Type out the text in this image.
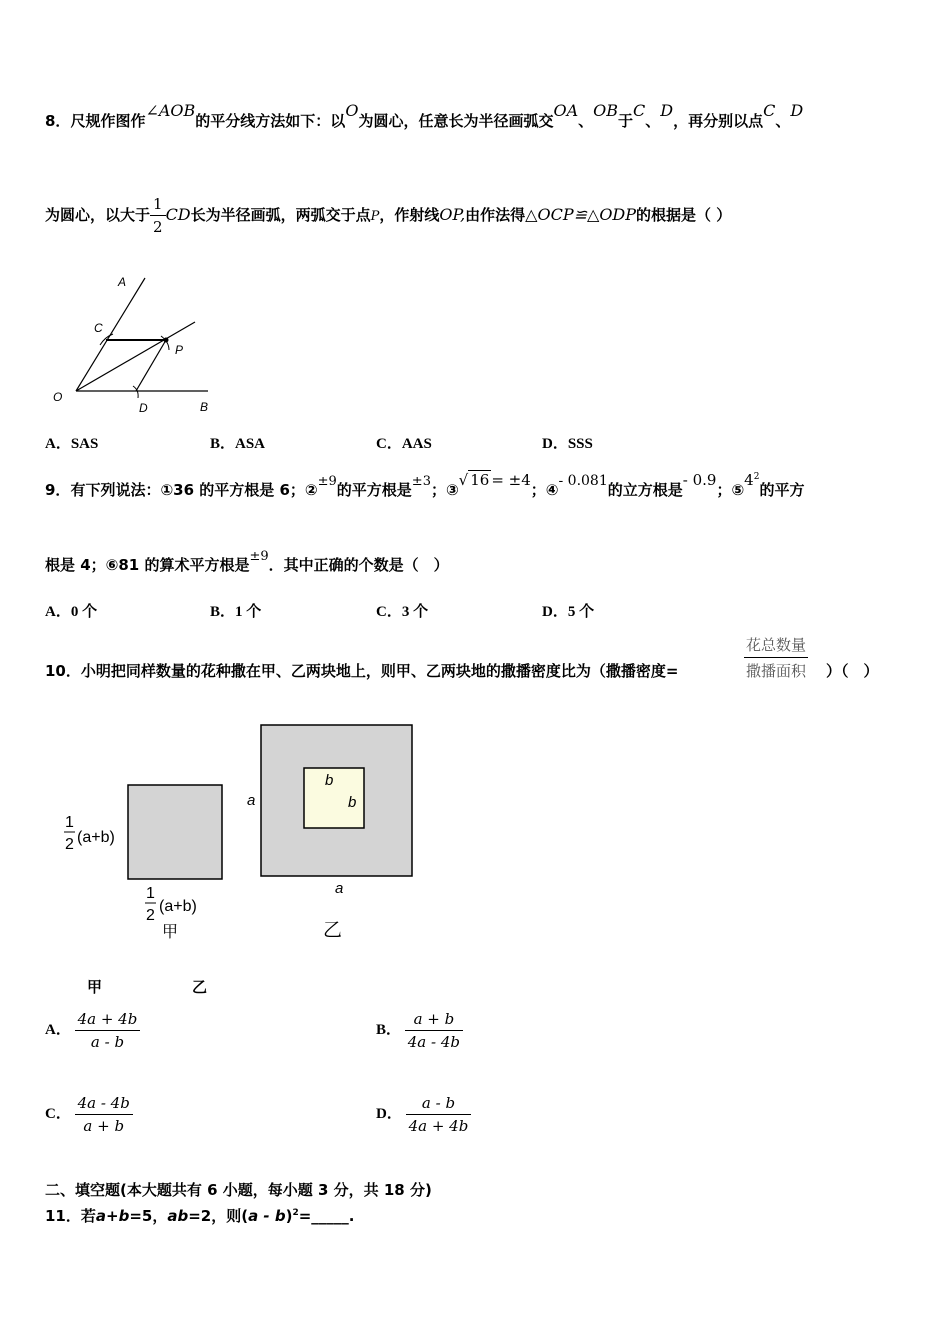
8．尺规作图作∠AOB的平分线方法如下：以O为圆心，任意长为半径画弧交OA、OB于C、D，再分别以点C、D
为圆心，以大于 $\frac{1}{2}$ CD长为半径画弧，两弧交于点P，作射线OP,由作法得△OCP≌△ODP的根据是（ ）
A
C
P
O
D	B
A．SAS	B．ASA	C．AAS	D．SSS
9．有下列说法：①36 的平方根是 6；②±9的平方根是±3；③√ 16 = ±4；④- 0.081的立方根是- 0.9；$⑤4^2$的平方
根是 4；⑥81 的算术平方根是±9．其中正确的个数是（　）
A．0 个	B．1 个	C．3 个	D．5 个
10．小明把同样数量的花种撒在甲、乙两块地上，则甲、乙两块地的撒播密度比为（撒播密度=
花总数量
撒播面积 ）（　）
1
2 (a+b)
1
2
(a+b)
甲
a
a
b
b
乙
甲	乙
A． $\frac{4a + 4b}{a - b}$	B． $\frac{a + b}{4a - 4b}$
C． $\frac{4a - 4b}{a + b}$	D． $\frac{a - b}{4a + 4b}$
二、填空题(本大题共有 6 小题，每小题 3 分，共 18 分)
11．若a+b=5，ab=2，则(a - b)$^2$=_____.
